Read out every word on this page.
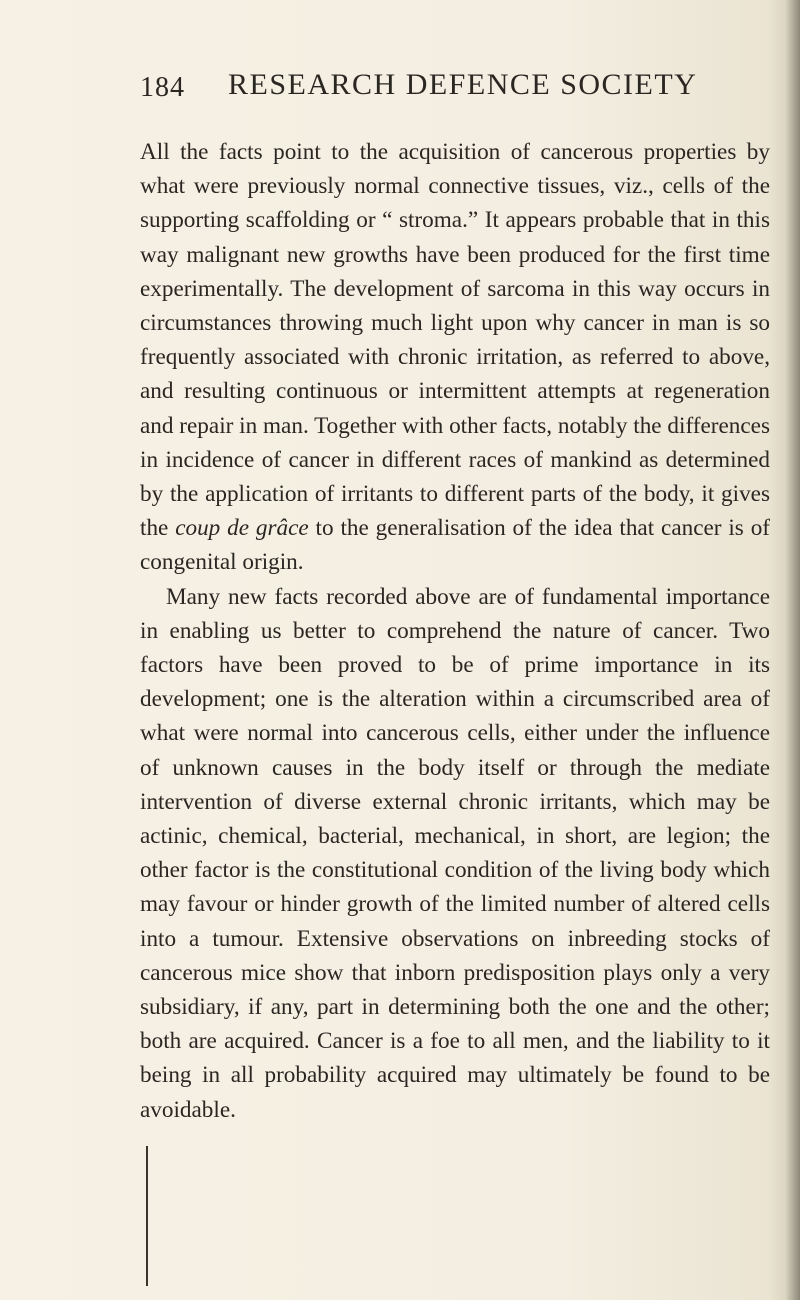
184 RESEARCH DEFENCE SOCIETY

All the facts point to the acquisition of cancerous properties by what were previously normal connective tissues, viz., cells of the supporting scaffolding or “ stroma.” It appears probable that in this way malignant new growths have been produced for the first time experimentally. The development of sarcoma in this way occurs in circumstances throwing much light upon why cancer in man is so frequently associated with chronic irritation, as referred to above, and resulting continuous or intermittent attempts at regeneration and repair in man. Together with other facts, notably the differences in incidence of cancer in different races of mankind as determined by the application of irritants to different parts of the body, it gives the coup de grâce to the generalisation of the idea that cancer is of congenital origin.

Many new facts recorded above are of fundamental importance in enabling us better to comprehend the nature of cancer. Two factors have been proved to be of prime importance in its development; one is the alteration within a circumscribed area of what were normal into cancerous cells, either under the influence of unknown causes in the body itself or through the mediate intervention of diverse external chronic irritants, which may be actinic, chemical, bacterial, mechanical, in short, are legion; the other factor is the constitutional condition of the living body which may favour or hinder growth of the limited number of altered cells into a tumour. Extensive observations on inbreeding stocks of cancerous mice show that inborn predisposition plays only a very subsidiary, if any, part in determining both the one and the other; both are acquired. Cancer is a foe to all men, and the liability to it being in all probability acquired may ultimately be found to be avoidable.
